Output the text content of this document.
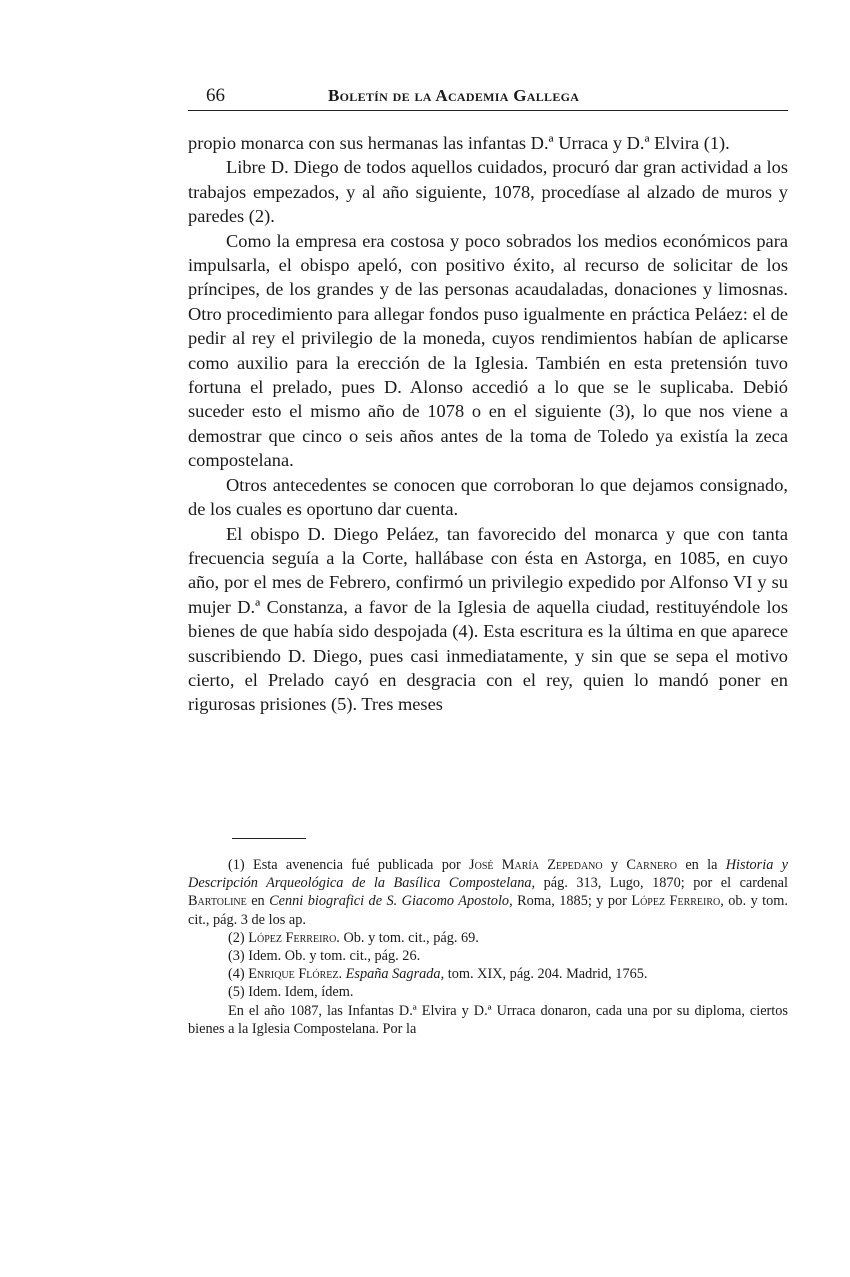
66	Boletín de la Academia Gallega

propio monarca con sus hermanas las infantas D.ª Urraca y D.ª Elvira (1).

Libre D. Diego de todos aquellos cuidados, procuró dar gran actividad a los trabajos empezados, y al año siguiente, 1078, procedíase al alzado de muros y paredes (2).

Como la empresa era costosa y poco sobrados los medios económicos para impulsarla, el obispo apeló, con positivo éxito, al recurso de solicitar de los príncipes, de los grandes y de las personas acaudaladas, donaciones y limosnas. Otro procedimiento para allegar fondos puso igualmente en práctica Peláez: el de pedir al rey el privilegio de la moneda, cuyos rendimientos habían de aplicarse como auxilio para la erección de la Iglesia. También en esta pretensión tuvo fortuna el prelado, pues D. Alonso accedió a lo que se le suplicaba. Debió suceder esto el mismo año de 1078 o en el siguiente (3), lo que nos viene a demostrar que cinco o seis años antes de la toma de Toledo ya existía la zeca compostelana.

Otros antecedentes se conocen que corroboran lo que dejamos consignado, de los cuales es oportuno dar cuenta.

El obispo D. Diego Peláez, tan favorecido del monarca y que con tanta frecuencia seguía a la Corte, hallábase con ésta en Astorga, en 1085, en cuyo año, por el mes de Febrero, confirmó un privilegio expedido por Alfonso VI y su mujer D.ª Constanza, a favor de la Iglesia de aquella ciudad, restituyéndole los bienes de que había sido despojada (4). Esta escritura es la última en que aparece suscribiendo D. Diego, pues casi inmediatamente, y sin que se sepa el motivo cierto, el Prelado cayó en desgracia con el rey, quien lo mandó poner en rigurosas prisiones (5). Tres meses

(1) Esta avenencia fué publicada por José María Zepedano y Carnero en la Historia y Descripción Arqueológica de la Basílica Compostelana, pág. 313, Lugo, 1870; por el cardenal Bartoline en Cenni biografici de S. Giacomo Apostolo, Roma, 1885; y por López Ferreiro, ob. y tom. cit., pág. 3 de los ap.

(2) López Ferreiro. Ob. y tom. cit., pág. 69.

(3) Idem. Ob. y tom. cit., pág. 26.

(4) Enrique Flórez. España Sagrada, tom. XIX, pág. 204. Madrid, 1765.

(5) Idem. Idem, ídem.

En el año 1087, las Infantas D.ª Elvira y D.ª Urraca donaron, cada una por su diploma, ciertos bienes a la Iglesia Compostelana. Por la
